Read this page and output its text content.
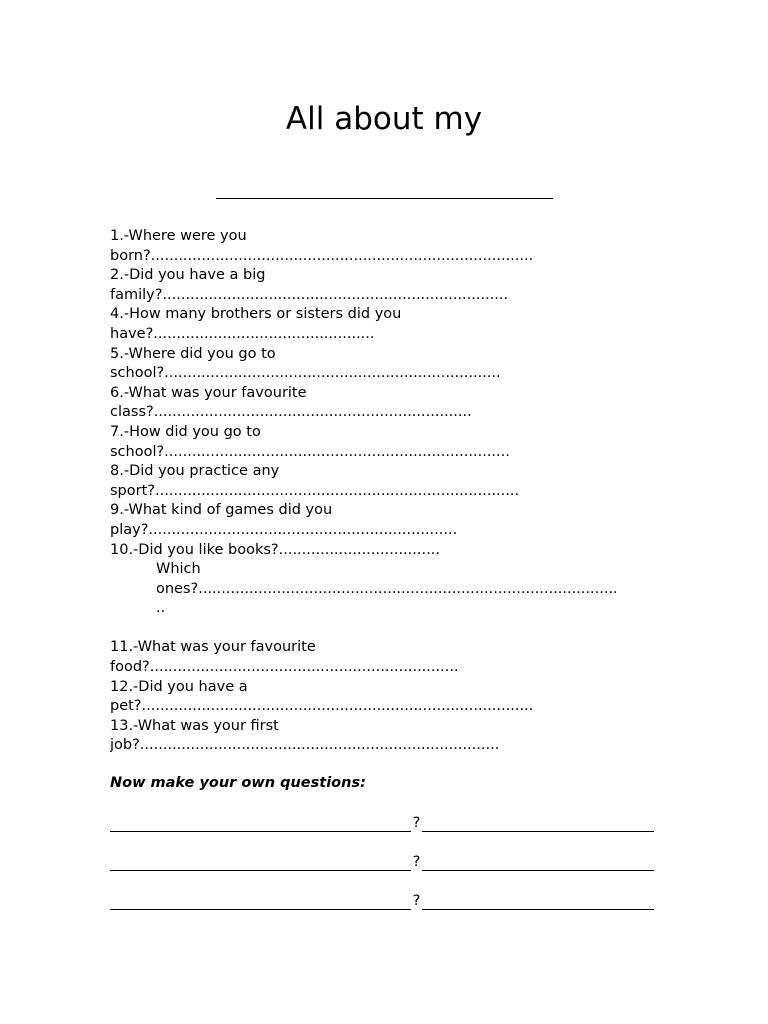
All about my
1.-Where were you
born?...................................................................................
2.-Did you have a big
family?...........................................................................
4.-How many brothers or sisters did you
have?................................................
5.-Where did you go to
school?.........................................................................
6.-What was your favourite
class?.....................................................................
7.-How did you go to
school?...........................................................................
8.-Did you practice any
sport?...............................................................................
9.-What kind of games did you
play?...................................................................
10.-Did you like books?...................................
Which
ones?...........................................................................................
..
11.-What was your favourite
food?...................................................................
12.-Did you have a
pet?.....................................................................................
13.-What was your first
job?..............................................................................
Now make your own questions:
?
?
?
